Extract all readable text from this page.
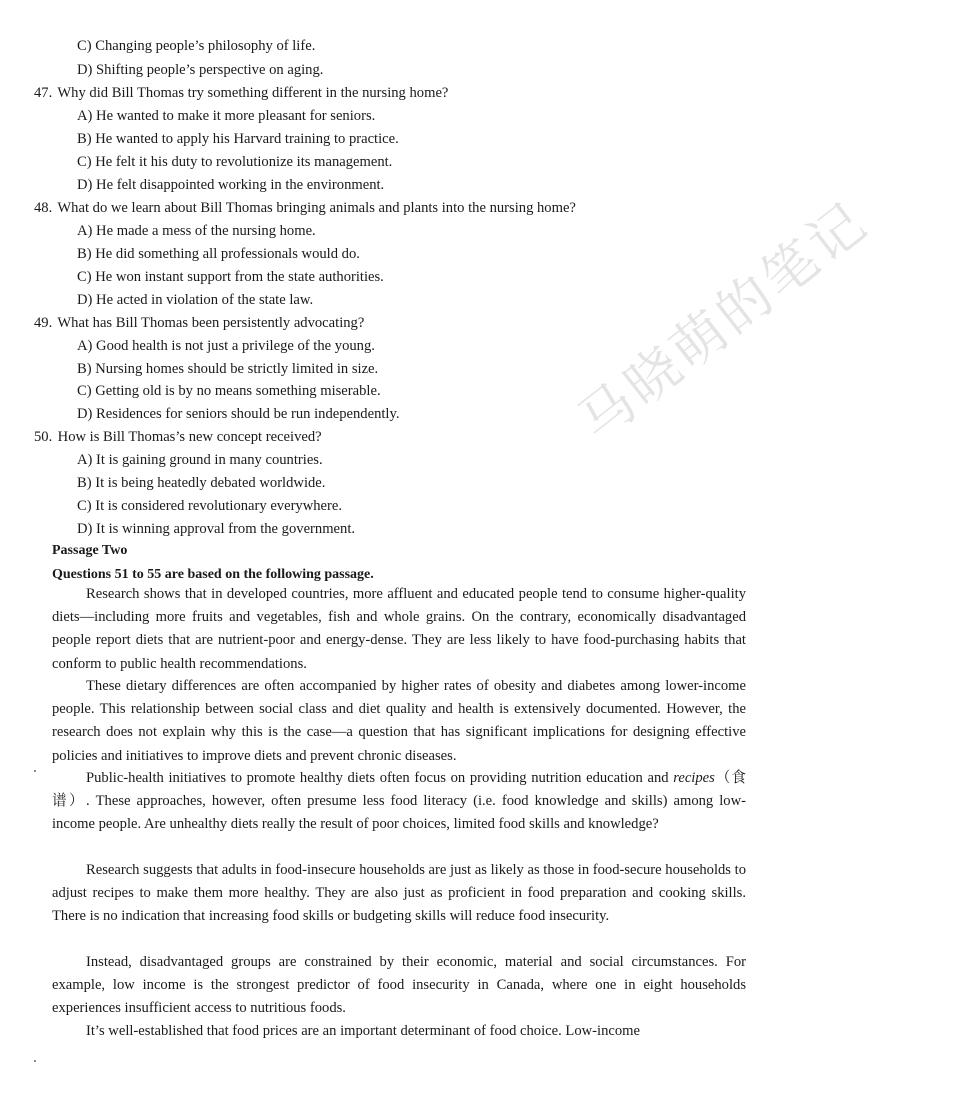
C) Changing people’s philosophy of life.
D) Shifting people’s perspective on aging.
47. Why did Bill Thomas try something different in the nursing home?
A) He wanted to make it more pleasant for seniors.
B) He wanted to apply his Harvard training to practice.
C) He felt it his duty to revolutionize its management.
D) He felt disappointed working in the environment.
48. What do we learn about Bill Thomas bringing animals and plants into the nursing home?
A) He made a mess of the nursing home.
B) He did something all professionals would do.
C) He won instant support from the state authorities.
D) He acted in violation of the state law.
49. What has Bill Thomas been persistently advocating?
A) Good health is not just a privilege of the young.
B) Nursing homes should be strictly limited in size.
C) Getting old is by no means something miserable.
D) Residences for seniors should be run independently.
50. How is Bill Thomas’s new concept received?
A) It is gaining ground in many countries.
B) It is being heatedly debated worldwide.
C) It is considered revolutionary everywhere.
D) It is winning approval from the government.
Passage Two
Questions 51 to 55 are based on the following passage.
Research shows that in developed countries, more affluent and educated people tend to consume higher-quality diets—including more fruits and vegetables, fish and whole grains. On the contrary, economically disadvantaged people report diets that are nutrient-poor and energy-dense. They are less likely to have food-purchasing habits that conform to public health recommendations.
These dietary differences are often accompanied by higher rates of obesity and diabetes among lower-income people. This relationship between social class and diet quality and health is extensively documented. However, the research does not explain why this is the case—a question that has significant implications for designing effective policies and initiatives to improve diets and prevent chronic diseases.
Public-health initiatives to promote healthy diets often focus on providing nutrition education and recipes（食谱）. These approaches, however, often presume less food literacy (i.e. food knowledge and skills) among low-income people. Are unhealthy diets really the result of poor choices, limited food skills and knowledge?
Research suggests that adults in food-insecure households are just as likely as those in food-secure households to adjust recipes to make them more healthy. They are also just as proficient in food preparation and cooking skills. There is no indication that increasing food skills or budgeting skills will reduce food insecurity.
Instead, disadvantaged groups are constrained by their economic, material and social circumstances. For example, low income is the strongest predictor of food insecurity in Canada, where one in eight households experiences insufficient access to nutritious foods.
It’s well-established that food prices are an important determinant of food choice. Low-income
马晓萌的笔记
